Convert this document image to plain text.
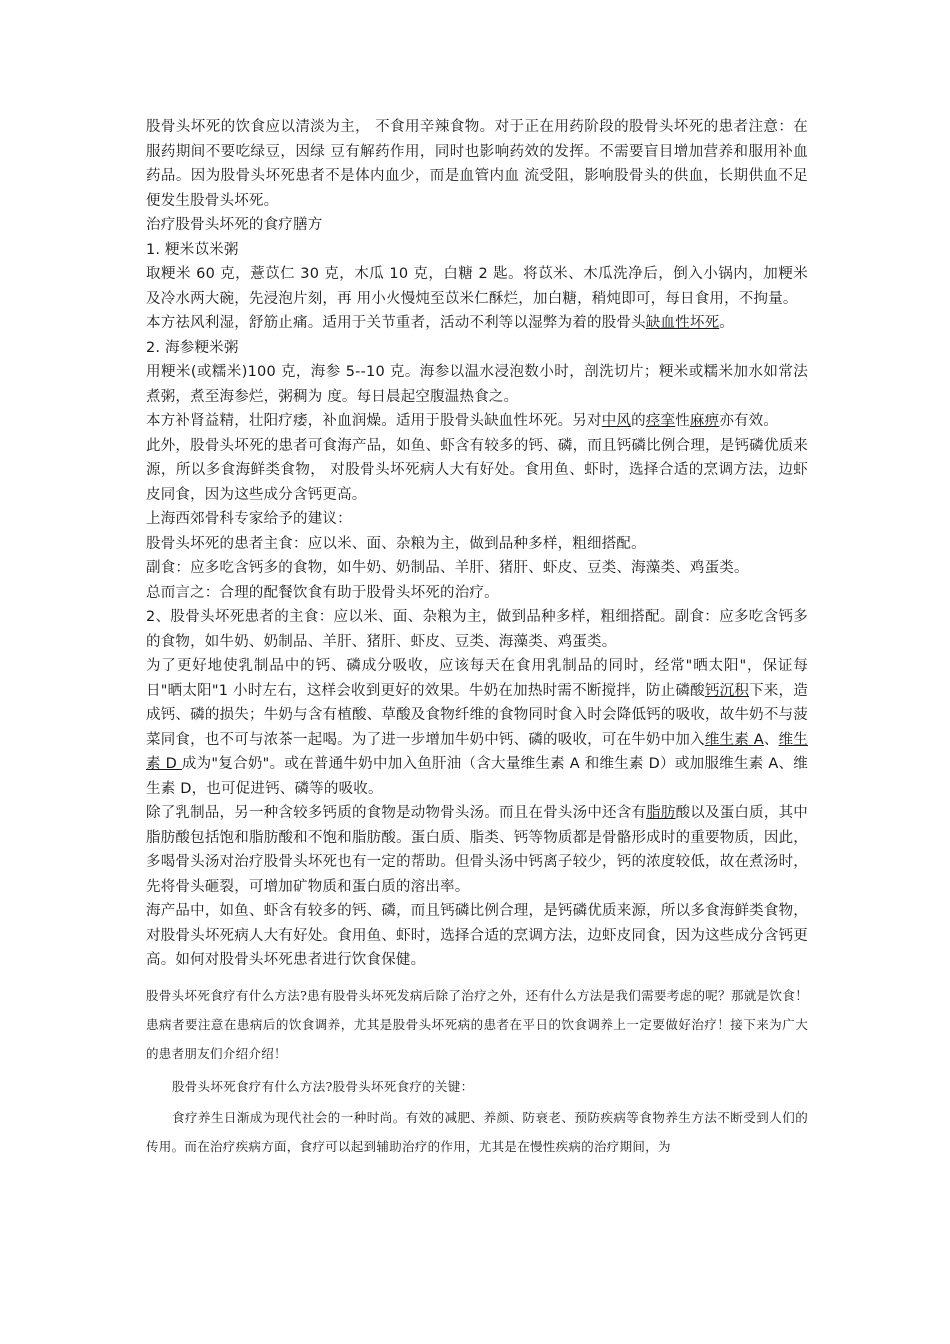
股骨头坏死的饮食应以清淡为主， 不食用辛辣食物。对于正在用药阶段的股骨头坏死的患者注意：在服药期间不要吃绿豆，因绿 豆有解药作用，同时也影响药效的发挥。不需要盲目增加营养和服用补血药品。因为股骨头坏死患者不是体内血少，而是血管内血 流受阻，影响股骨头的供血，长期供血不足便发生股骨头坏死。

治疗股骨头坏死的食疗膳方

1. 粳米苡米粥

取粳米 60 克，薏苡仁 30 克，木瓜 10 克，白糖 2 匙。将苡米、木瓜洗净后，倒入小锅内，加粳米及冷水两大碗，先浸泡片刻，再 用小火慢炖至苡米仁酥烂，加白糖，稍炖即可，每日食用，不拘量。

本方祛风利湿，舒筋止痛。适用于关节重者，活动不利等以湿弊为着的股骨头缺血性坏死。

2. 海参粳米粥

用粳米(或糯米)100 克，海参 5--10 克。海参以温水浸泡数小时，剖洗切片；粳米或糯米加水如常法煮粥，煮至海参烂，粥稠为 度。每日晨起空腹温热食之。

本方补肾益精，壮阳疗痿，补血润燥。适用于股骨头缺血性坏死。另对中风的痉挛性麻痹亦有效。

此外，股骨头坏死的患者可食海产品，如鱼、虾含有较多的钙、磷，而且钙磷比例合理，是钙磷优质来源，所以多食海鲜类食物， 对股骨头坏死病人大有好处。食用鱼、虾时，选择合适的烹调方法，边虾皮同食，因为这些成分含钙更高。

上海西郊骨科专家给予的建议：

股骨头坏死的患者主食：应以米、面、杂粮为主，做到品种多样，粗细搭配。

副食：应多吃含钙多的食物，如牛奶、奶制品、羊肝、猪肝、虾皮、豆类、海藻类、鸡蛋类。

总而言之：合理的配餐饮食有助于股骨头坏死的治疗。

2、股骨头坏死患者的主食：应以米、面、杂粮为主，做到品种多样，粗细搭配。副食：应多吃含钙多的食物，如牛奶、奶制品、羊肝、猪肝、虾皮、豆类、海藻类、鸡蛋类。

为了更好地使乳制品中的钙、磷成分吸收，应该每天在食用乳制品的同时，经常"晒太阳"，保证每日"晒太阳"1 小时左右，这样会收到更好的效果。牛奶在加热时需不断搅拌，防止磷酸钙沉积下来，造成钙、磷的损失；牛奶与含有植酸、草酸及食物纤维的食物同时食入时会降低钙的吸收，故牛奶不与菠菜同食，也不可与浓茶一起喝。为了进一步增加牛奶中钙、磷的吸收，可在牛奶中加入维生素 A、维生素 D 成为"复合奶"。或在普通牛奶中加入鱼肝油（含大量维生素 A 和维生素 D）或加服维生素 A、维生素 D，也可促进钙、磷等的吸收。

除了乳制品，另一种含较多钙质的食物是动物骨头汤。而且在骨头汤中还含有脂肪酸以及蛋白质，其中脂肪酸包括饱和脂肪酸和不饱和脂肪酸。蛋白质、脂类、钙等物质都是骨骼形成时的重要物质，因此，多喝骨头汤对治疗股骨头坏死也有一定的帮助。但骨头汤中钙离子较少，钙的浓度较低，故在煮汤时，先将骨头砸裂，可增加矿物质和蛋白质的溶出率。

海产品中，如鱼、虾含有较多的钙、磷，而且钙磷比例合理，是钙磷优质来源，所以多食海鲜类食物，对股骨头坏死病人大有好处。食用鱼、虾时，选择合适的烹调方法，边虾皮同食，因为这些成分含钙更高。如何对股骨头坏死患者进行饮食保健。

股骨头坏死食疗有什么方法?患有股骨头坏死发病后除了治疗之外，还有什么方法是我们需要考虑的呢？那就是饮食！患病者要注意在患病后的饮食调养，尤其是股骨头坏死病的患者在平日的饮食调养上一定要做好治疗！接下来为广大的患者朋友们介绍介绍！

股骨头坏死食疗有什么方法?股骨头坏死食疗的关键：

食疗养生日渐成为现代社会的一种时尚。有效的减肥、养颜、防衰老、预防疾病等食物养生方法不断受到人们的传用。而在治疗疾病方面，食疗可以起到辅助治疗的作用，尤其是在慢性疾病的治疗期间，为
